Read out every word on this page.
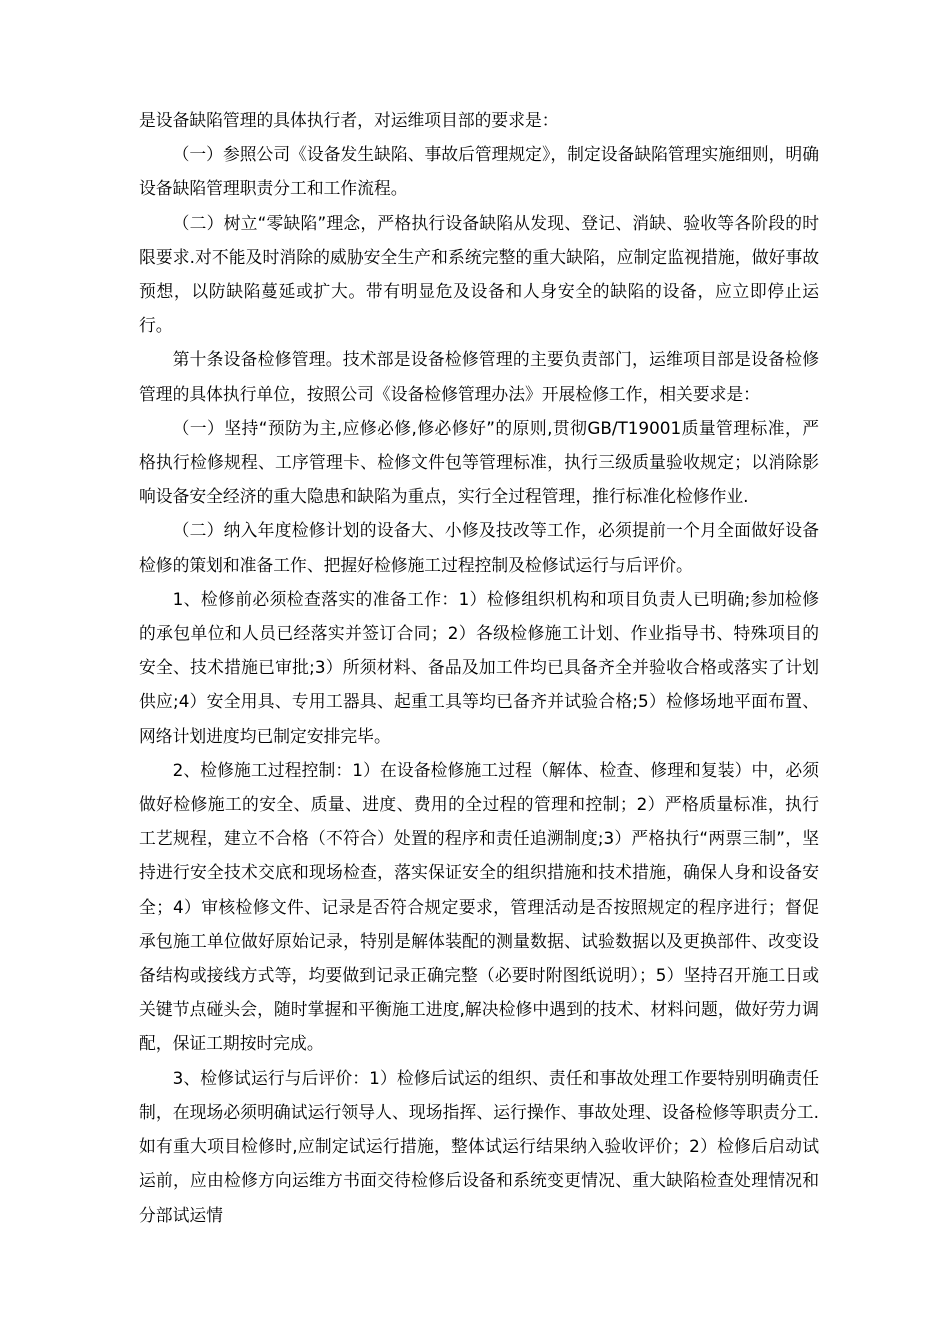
是设备缺陷管理的具体执行者，对运维项目部的要求是：

（一）参照公司《设备发生缺陷、事故后管理规定》，制定设备缺陷管理实施细则，明确设备缺陷管理职责分工和工作流程。

（二）树立“零缺陷”理念，严格执行设备缺陷从发现、登记、消缺、验收等各阶段的时限要求.对不能及时消除的威胁安全生产和系统完整的重大缺陷，应制定监视措施，做好事故预想，以防缺陷蔓延或扩大。带有明显危及设备和人身安全的缺陷的设备，应立即停止运行。

第十条设备检修管理。技术部是设备检修管理的主要负责部门，运维项目部是设备检修管理的具体执行单位，按照公司《设备检修管理办法》开展检修工作，相关要求是：

（一）坚持“预防为主,应修必修,修必修好”的原则,贯彻GB/T19001质量管理标准，严格执行检修规程、工序管理卡、检修文件包等管理标准，执行三级质量验收规定；以消除影响设备安全经济的重大隐患和缺陷为重点，实行全过程管理，推行标准化检修作业.

（二）纳入年度检修计划的设备大、小修及技改等工作，必须提前一个月全面做好设备检修的策划和准备工作、把握好检修施工过程控制及检修试运行与后评价。

1、检修前必须检查落实的准备工作：1）检修组织机构和项目负责人已明确;参加检修的承包单位和人员已经落实并签订合同；2）各级检修施工计划、作业指导书、特殊项目的安全、技术措施已审批;3）所须材料、备品及加工件均已具备齐全并验收合格或落实了计划供应;4）安全用具、专用工器具、起重工具等均已备齐并试验合格;5）检修场地平面布置、网络计划进度均已制定安排完毕。

2、检修施工过程控制：1）在设备检修施工过程（解体、检查、修理和复装）中，必须做好检修施工的安全、质量、进度、费用的全过程的管理和控制；2）严格质量标准，执行工艺规程，建立不合格（不符合）处置的程序和责任追溯制度;3）严格执行“两票三制”，坚持进行安全技术交底和现场检查，落实保证安全的组织措施和技术措施，确保人身和设备安全；4）审核检修文件、记录是否符合规定要求，管理活动是否按照规定的程序进行；督促承包施工单位做好原始记录，特别是解体装配的测量数据、试验数据以及更换部件、改变设备结构或接线方式等，均要做到记录正确完整（必要时附图纸说明）；5）坚持召开施工日或关键节点碰头会，随时掌握和平衡施工进度,解决检修中遇到的技术、材料问题，做好劳力调配，保证工期按时完成。

3、检修试运行与后评价：1）检修后试运的组织、责任和事故处理工作要特别明确责任制，在现场必须明确试运行领导人、现场指挥、运行操作、事故处理、设备检修等职责分工.如有重大项目检修时,应制定试运行措施，整体试运行结果纳入验收评价；2）检修后启动试运前，应由检修方向运维方书面交待检修后设备和系统变更情况、重大缺陷检查处理情况和分部试运情
